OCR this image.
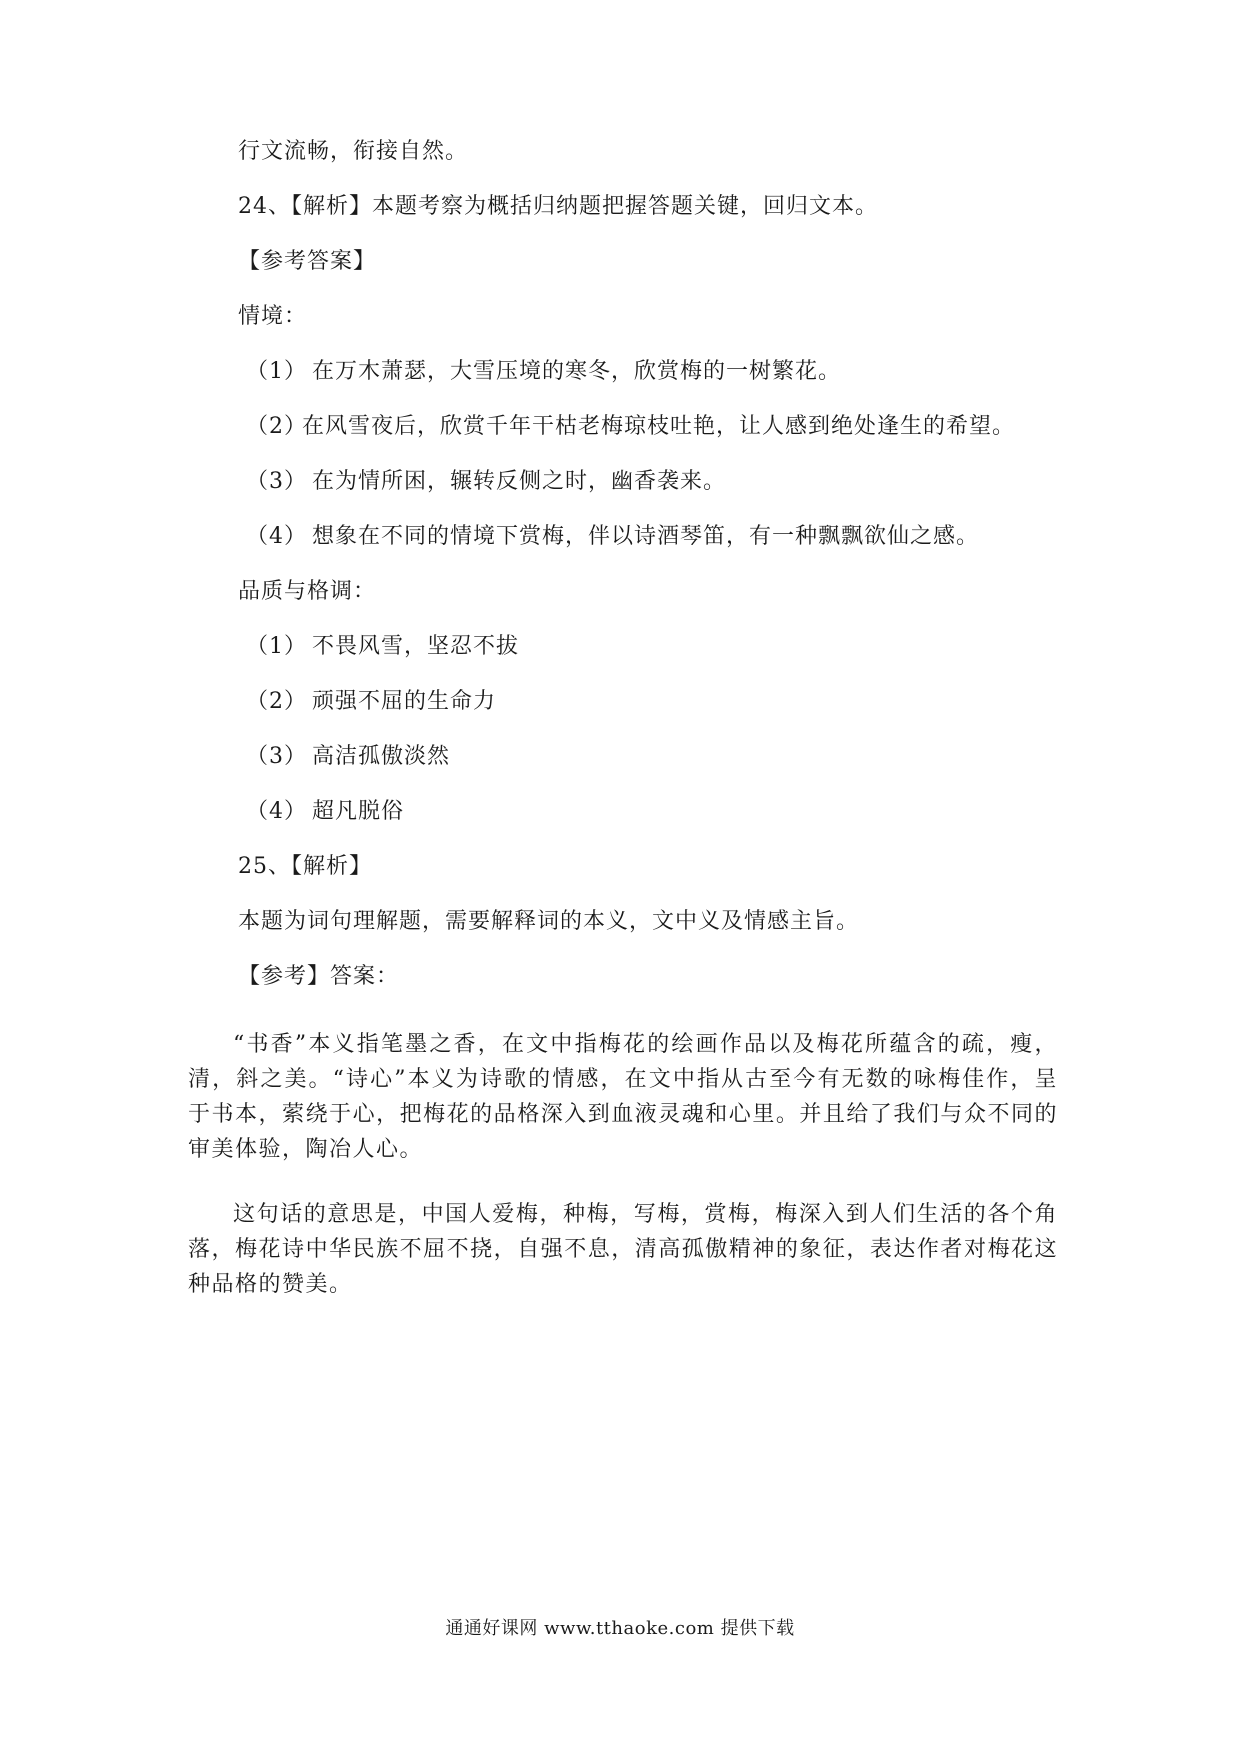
行文流畅，衔接自然。
24、【解析】本题考察为概括归纳题把握答题关键，回归文本。
【参考答案】
情境：
（1） 在万木萧瑟，大雪压境的寒冬，欣赏梅的一树繁花。
（2）在风雪夜后，欣赏千年干枯老梅琼枝吐艳，让人感到绝处逢生的希望。
（3） 在为情所困，辗转反侧之时，幽香袭来。
（4） 想象在不同的情境下赏梅，伴以诗酒琴笛，有一种飘飘欲仙之感。
品质与格调：
（1） 不畏风雪，坚忍不拔
（2） 顽强不屈的生命力
（3） 高洁孤傲淡然
（4） 超凡脱俗
25、【解析】
本题为词句理解题，需要解释词的本义，文中义及情感主旨。
【参考】答案：
“书香”本义指笔墨之香，在文中指梅花的绘画作品以及梅花所蕴含的疏，瘦，清，斜之美。“诗心”本义为诗歌的情感，在文中指从古至今有无数的咏梅佳作，呈于书本，萦绕于心，把梅花的品格深入到血液灵魂和心里。并且给了我们与众不同的审美体验，陶冶人心。
这句话的意思是，中国人爱梅，种梅，写梅，赏梅，梅深入到人们生活的各个角落，梅花诗中华民族不屈不挠，自强不息，清高孤傲精神的象征，表达作者对梅花这种品格的赞美。
通通好课网 www.tthaoke.com 提供下载
